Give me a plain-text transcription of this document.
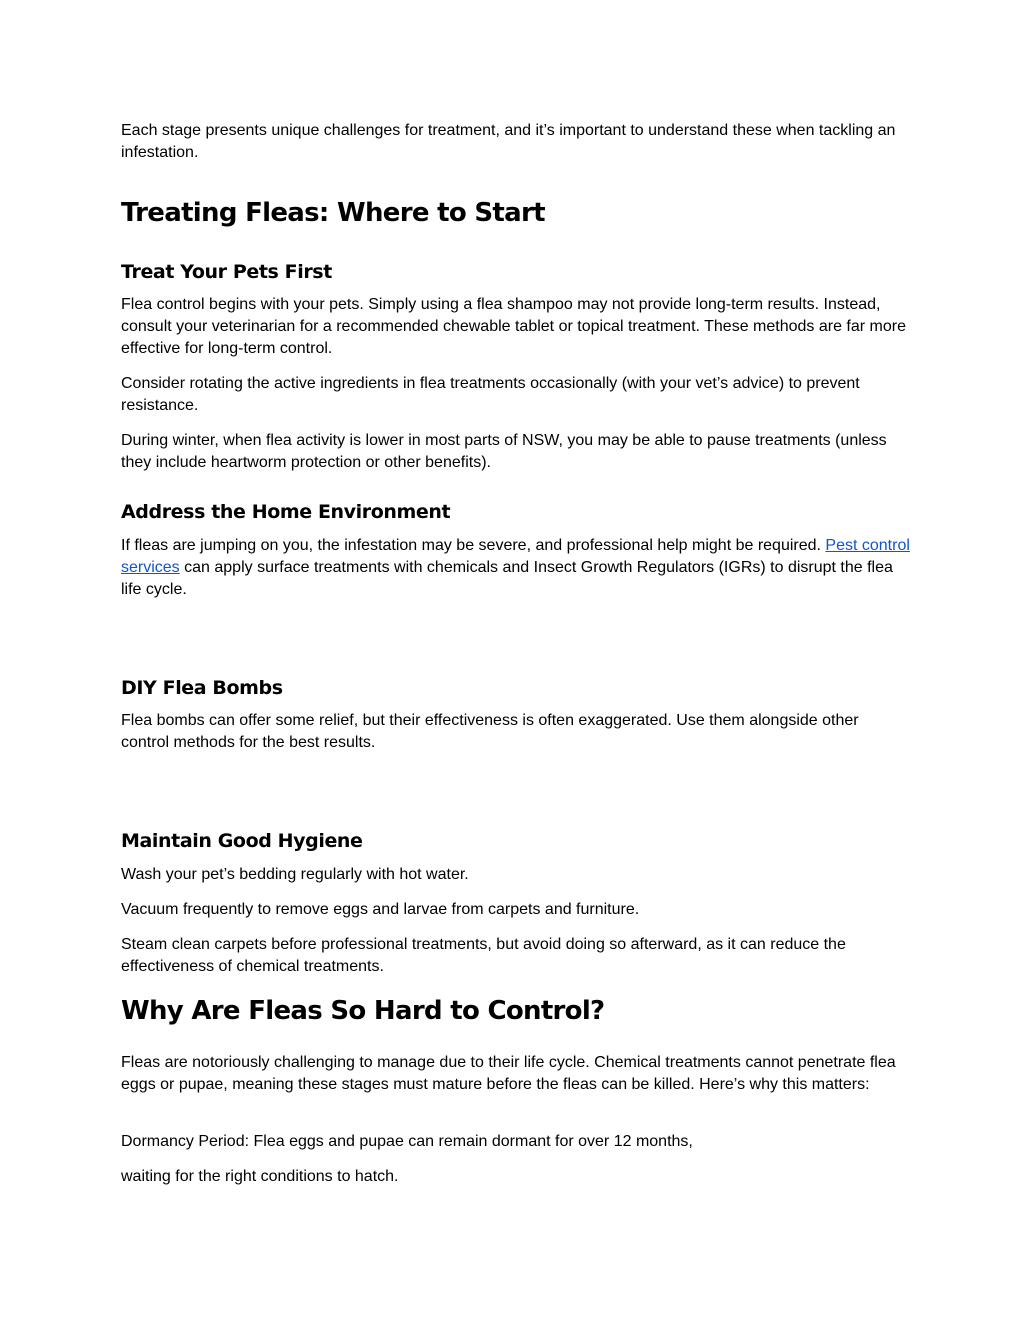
Each stage presents unique challenges for treatment, and it’s important to understand these when tackling an infestation.

Treating Fleas: Where to Start
Treat Your Pets First

Flea control begins with your pets. Simply using a flea shampoo may not provide long-term results. Instead, consult your veterinarian for a recommended chewable tablet or topical treatment. These methods are far more effective for long-term control.

Consider rotating the active ingredients in flea treatments occasionally (with your vet’s advice) to prevent resistance.

During winter, when flea activity is lower in most parts of NSW, you may be able to pause treatments (unless they include heartworm protection or other benefits).

Address the Home Environment

If fleas are jumping on you, the infestation may be severe, and professional help might be required. Pest control services can apply surface treatments with chemicals and Insect Growth Regulators (IGRs) to disrupt the flea life cycle.

DIY Flea Bombs

Flea bombs can offer some relief, but their effectiveness is often exaggerated. Use them alongside other control methods for the best results.

Maintain Good Hygiene

Wash your pet’s bedding regularly with hot water.

Vacuum frequently to remove eggs and larvae from carpets and furniture.

Steam clean carpets before professional treatments, but avoid doing so afterward, as it can reduce the effectiveness of chemical treatments.

Why Are Fleas So Hard to Control?

Fleas are notoriously challenging to manage due to their life cycle. Chemical treatments cannot penetrate flea eggs or pupae, meaning these stages must mature before the fleas can be killed. Here’s why this matters:

Dormancy Period: Flea eggs and pupae can remain dormant for over 12 months,

waiting for the right conditions to hatch.
